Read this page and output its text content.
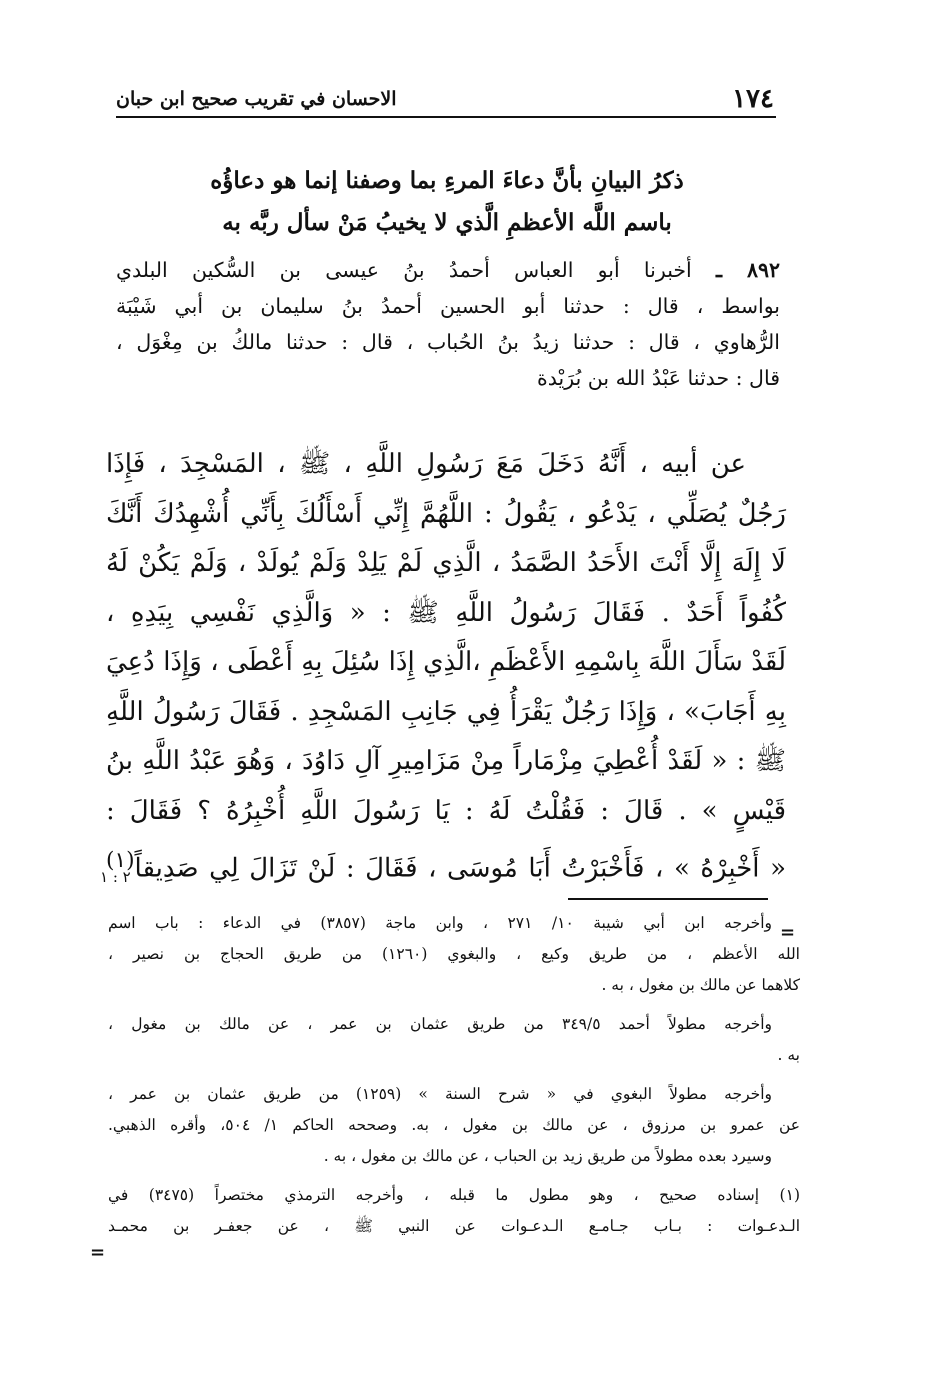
١٧٤
الاحسان في تقريب صحيح ابن حبان
ذكرُ البيانِ بأنَّ دعاءَ المرءِ بما وصفنا إنما هو دعاؤُه
باسم اللَّه الأعظمِ الَّذي لا يخيبُ مَنْ سأل ربَّه به
٨٩٢ ـ أخبرنا أبو العباس أحمدُ بنُ عيسى بن السُّكين البلدي
بواسط ، قال : حدثنا أبو الحسين أحمدُ بنُ سليمان بن أبي شَيْبَة
الرُّهاوي ، قال : حدثنا زيدُ بنُ الحُباب ، قال : حدثنا مالكُ بن مِغْوَل ،
قال : حدثنا عَبْدُ الله بن بُرَيْدة
عن أبيه ، أَنَّهُ دَخَلَ مَعَ رَسُولِ اللَّهِ ، ﷺ ، المَسْجِدَ ، فَإِذَا
رَجُلٌ يُصَلِّي ، يَدْعُو ، يَقُولُ : اللَّهُمَّ إِنِّي أَسْأَلُكَ بِأَنِّي أُشْهِدُكَ أَنَّكَ
لَا إِلَهَ إِلَّا أَنْتَ الأَحَدُ الصَّمَدُ ، الَّذِي لَمْ يَلِدْ وَلَمْ يُولَدْ ، وَلَمْ يَكُنْ لَهُ
كُفُواً أَحَدٌ . فَقَالَ رَسُولُ اللَّهِ ﷺ : « وَالَّذِي نَفْسِي بِيَدِهِ ،
لَقَدْ سَأَلَ اللَّهَ بِاسْمِهِ الأَعْظَمِ ،الَّذِي إِذَا سُئِلَ بِهِ أَعْطَى ، وَإِذَا دُعِيَ
بِهِ أَجَابَ» ، وَإِذَا رَجُلٌ يَقْرَأُ فِي جَانِبِ المَسْجِدِ . فَقَالَ رَسُولُ اللَّهِ
ﷺ : « لَقَدْ أُعْطِيَ مِزْمَاراً مِنْ مَزَامِيرِ آلِ دَاوُدَ ، وَهُوَ عَبْدُ اللَّهِ بنُ
قَيْسٍ » . قَالَ : فَقُلْتُ لَهُ : يَا رَسُولَ اللَّهِ أُخْبِرُهُ ؟ فَقَالَ :
« أَخْبِرْهُ » ، فَأَخْبَرْتُ أَبَا مُوسَى ، فَقَالَ : لَنْ تَزَالَ لِي صَدِيقاً$^{(١)}$
٢ : ١
=
وأخرجه ابن أبي شيبة ١٠/ ٢٧١ ، وابن ماجة (٣٨٥٧) في الدعاء : باب اسم
الله الأعظم ، من طريق وكيع ، والبغوي (١٢٦٠) من طريق الحجاج بن نصير ،
كلاهما عن مالك بن مغول ، به .
وأخرجه مطولاً أحمد ٣٤٩/٥ من طريق عثمان بن عمر ، عن مالك بن مغول ،
به .
وأخرجه مطولاً البغوي في « شرح السنة » (١٢٥٩) من طريق عثمان بن عمر ،
عن عمرو بن مرزوق ، عن مالك بن مغول ، به. وصححه الحاكم ١/ ٥٠٤، وأقره الذهبي.
وسيرد بعده مطولاً من طريق زيد بن الحباب ، عن مالك بن مغول ، به .
(١) إسناده صحيح ، وهو مطول ما قبله ، وأخرجه الترمذي مختصراً (٣٤٧٥) في
الـدعـوات : بـاب جـامـع الـدعـوات عن النبي ﷺ ، عن جعفـر بن محمـد
=
